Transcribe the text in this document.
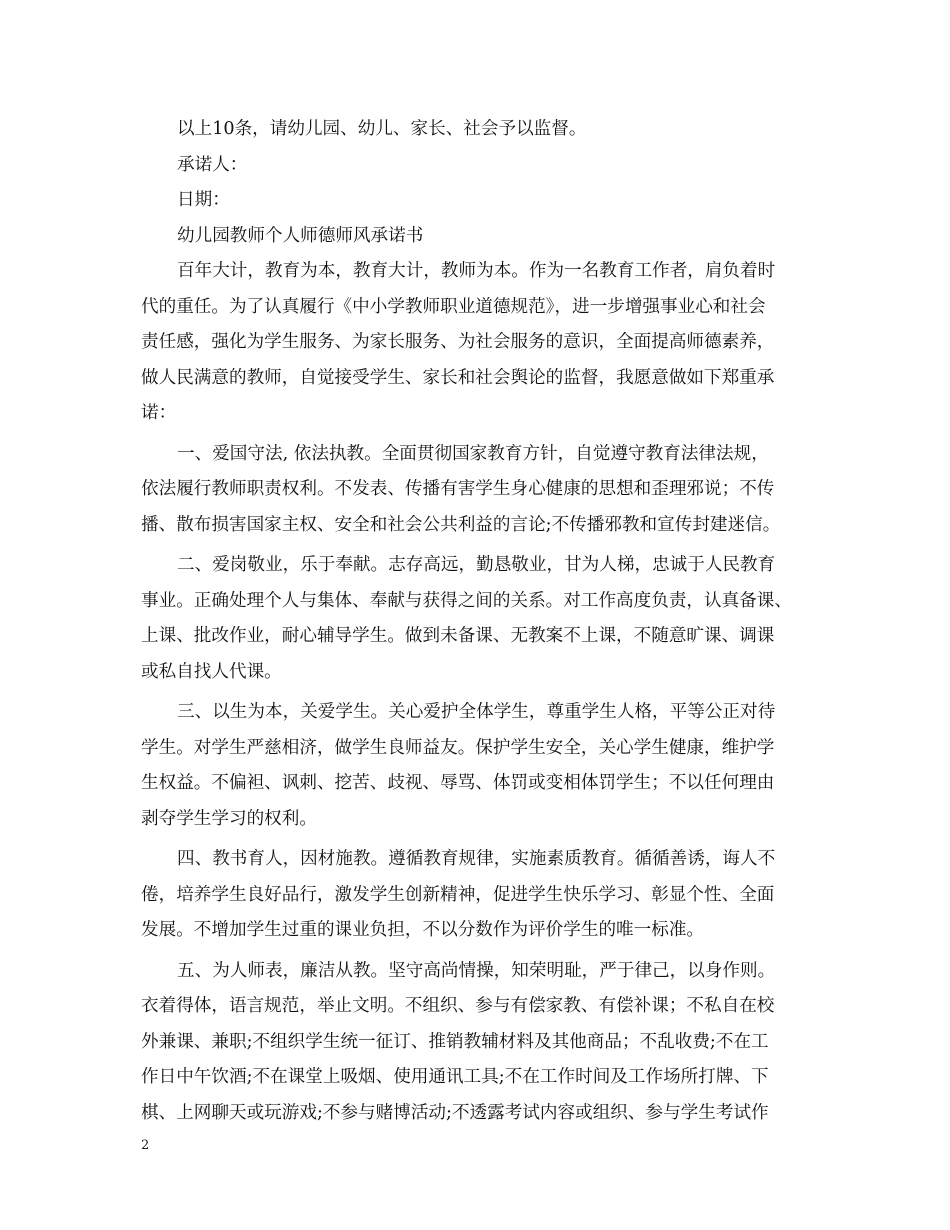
以上10条，请幼儿园、幼儿、家长、社会予以监督。
承诺人：
日期：
幼儿园教师个人师德师风承诺书
百年大计，教育为本，教育大计，教师为本。作为一名教育工作者，肩负着时
代的重任。为了认真履行《中小学教师职业道德规范》，进一步增强事业心和社会
责任感，强化为学生服务、为家长服务、为社会服务的意识，全面提高师德素养，
做人民满意的教师，自觉接受学生、家长和社会舆论的监督，我愿意做如下郑重承
诺：
一、爱国守法, 依法执教。全面贯彻国家教育方针，自觉遵守教育法律法规，
依法履行教师职责权利。不发表、传播有害学生身心健康的思想和歪理邪说；不传
播、散布损害国家主权、安全和社会公共利益的言论;不传播邪教和宣传封建迷信。
二、爱岗敬业，乐于奉献。志存高远，勤恳敬业，甘为人梯，忠诚于人民教育
事业。正确处理个人与集体、奉献与获得之间的关系。对工作高度负责，认真备课、
上课、批改作业，耐心辅导学生。做到未备课、无教案不上课，不随意旷课、调课
或私自找人代课。
三、以生为本，关爱学生。关心爱护全体学生，尊重学生人格，平等公正对待
学生。对学生严慈相济，做学生良师益友。保护学生安全，关心学生健康，维护学
生权益。不偏袒、讽刺、挖苦、歧视、辱骂、体罚或变相体罚学生；不以任何理由
剥夺学生学习的权利。
四、教书育人，因材施教。遵循教育规律，实施素质教育。循循善诱，诲人不
倦，培养学生良好品行，激发学生创新精神，促进学生快乐学习、彰显个性、全面
发展。不增加学生过重的课业负担，不以分数作为评价学生的唯一标准。
五、为人师表，廉洁从教。坚守高尚情操，知荣明耻，严于律己，以身作则。
衣着得体，语言规范，举止文明。不组织、参与有偿家教、有偿补课；不私自在校
外兼课、兼职;不组织学生统一征订、推销教辅材料及其他商品；不乱收费;不在工
作日中午饮酒;不在课堂上吸烟、使用通讯工具;不在工作时间及工作场所打牌、下
棋、上网聊天或玩游戏;不参与赌博活动;不透露考试内容或组织、参与学生考试作
2
